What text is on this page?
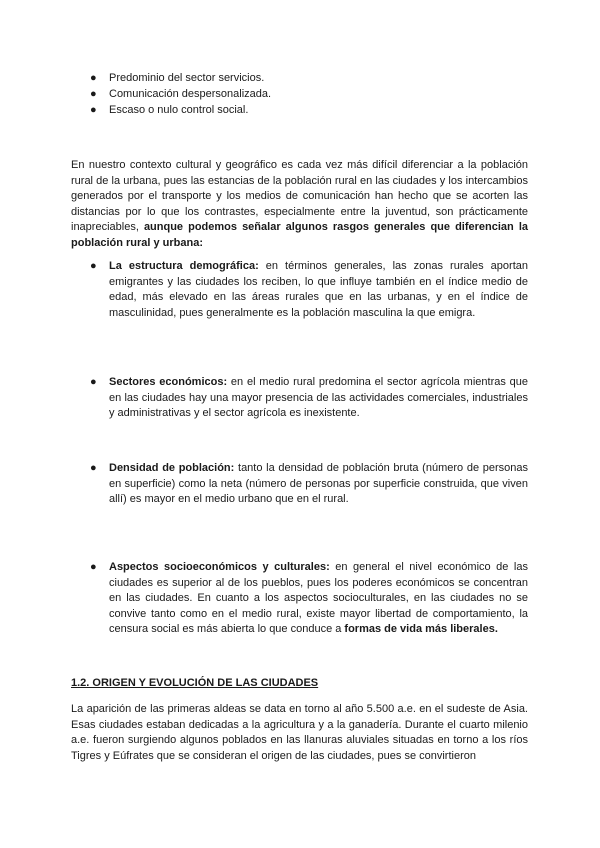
● Predominio del sector servicios.
● Comunicación despersonalizada.
● Escaso o nulo control social.

En nuestro contexto cultural y geográfico es cada vez más difícil diferenciar a la población rural de la urbana, pues las estancias de la población rural en las ciudades y los intercambios generados por el transporte y los medios de comunicación han hecho que se acorten las distancias por lo que los contrastes, especialmente entre la juventud, son prácticamente inapreciables, aunque podemos señalar algunos rasgos generales que diferencian la población rural y urbana:

●	La estructura demográfica: en términos generales, las zonas rurales aportan emigrantes y las ciudades los reciben, lo que influye también en el índice medio de edad, más elevado en las áreas rurales que en las urbanas, y en el índice de masculinidad, pues generalmente es la población masculina la que emigra.
●	Sectores económicos: en el medio rural predomina el sector agrícola mientras que en las ciudades hay una mayor presencia de las actividades comerciales, industriales y administrativas y el sector agrícola es inexistente.
●	Densidad de población: tanto la densidad de población bruta (número de personas en superficie) como la neta (número de personas por superficie construida, que viven allí) es mayor en el medio urbano que en el rural.
●	Aspectos socioeconómicos y culturales: en general el nivel económico de las ciudades es superior al de los pueblos, pues los poderes económicos se concentran en las ciudades. En cuanto a los aspectos socioculturales, en las ciudades no se convive tanto como en el medio rural, existe mayor libertad de comportamiento, la censura social es más abierta lo que conduce a formas de vida más liberales.
1.2. ORIGEN Y EVOLUCIÓN DE LAS CIUDADES

La aparición de las primeras aldeas se data en torno al año 5.500 a.e. en el sudeste de Asia. Esas ciudades estaban dedicadas a la agricultura y a la ganadería. Durante el cuarto milenio a.e. fueron surgiendo algunos poblados en las llanuras aluviales situadas en torno a los ríos Tigres y Eúfrates que se consideran el origen de las ciudades, pues se convirtieron
